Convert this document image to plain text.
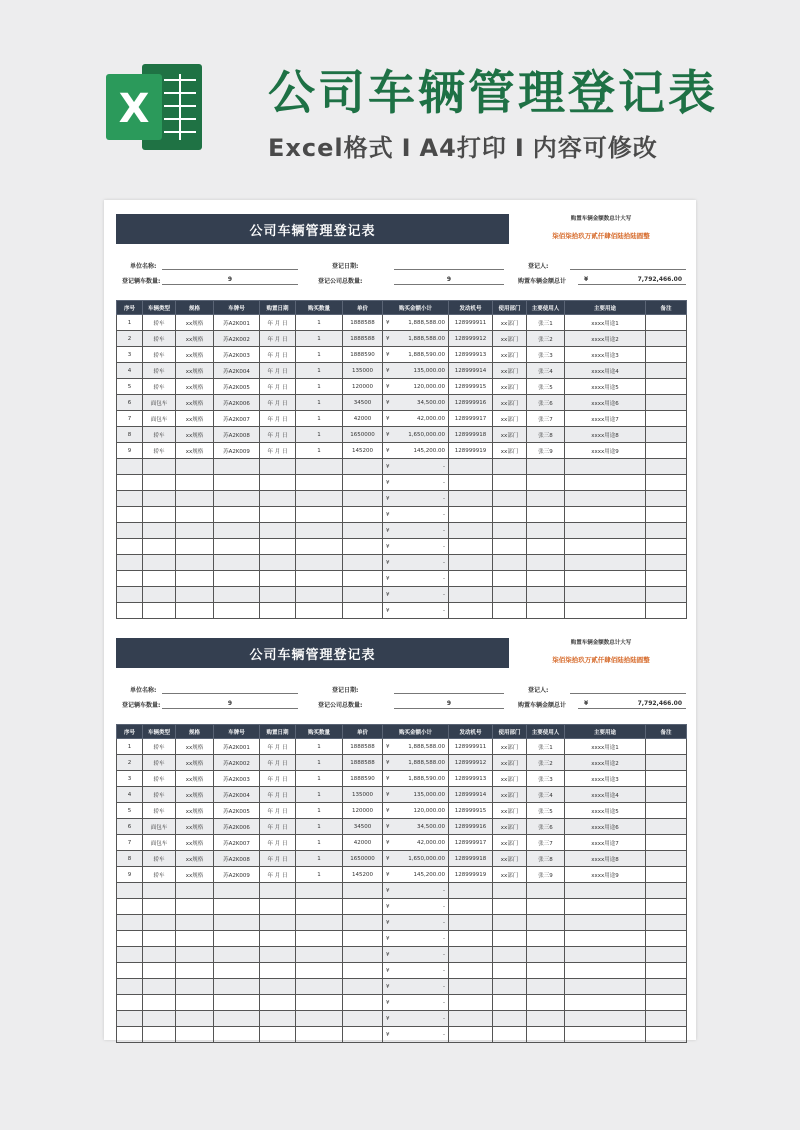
X	公司车辆管理登记表
Excel格式 I A4打印 I 内容可修改
公司车辆管理登记表
购置车辆金额数总计大写
柒佰柒拾玖万贰仟肆佰陆拾陆圆整
单位名称:	登记日期:	登记人:
登记辆车数量:	9	登记公司总数量:	9	购置车辆金额总计	¥	7,792,466.00
序号	车辆类型	规格	车牌号	购置日期	购买数量	单价	购买金额小计	发动机号	使用部门	主要使用人	主要用途	备注
1	轿车	xx规格	苏A2K001	年 月 日	1	1888588	¥ 1,888,588.00	128999911	xx部门	张三1	xxxx用途1	
2	轿车	xx规格	苏A2K002	年 月 日	1	1888588	¥ 1,888,588.00	128999912	xx部门	张三2	xxxx用途2	
3	轿车	xx规格	苏A2K003	年 月 日	1	1888590	¥ 1,888,590.00	128999913	xx部门	张三3	xxxx用途3	
4	轿车	xx规格	苏A2K004	年 月 日	1	135000	¥ 135,000.00	128999914	xx部门	张三4	xxxx用途4	
5	轿车	xx规格	苏A2K005	年 月 日	1	120000	¥ 120,000.00	128999915	xx部门	张三5	xxxx用途5	
6	面包车	xx规格	苏A2K006	年 月 日	1	34500	¥ 34,500.00	128999916	xx部门	张三6	xxxx用途6	
7	面包车	xx规格	苏A2K007	年 月 日	1	42000	¥ 42,000.00	128999917	xx部门	张三7	xxxx用途7	
8	轿车	xx规格	苏A2K008	年 月 日	1	1650000	¥ 1,650,000.00	128999918	xx部门	张三8	xxxx用途8	
9	轿车	xx规格	苏A2K009	年 月 日	1	145200	¥ 145,200.00	128999919	xx部门	张三9	xxxx用途9	

							¥ -					

							¥ -					

							¥ -					

							¥ -					

							¥ -					

							¥ -					

							¥ -					

							¥ -					

							¥ -					

							¥ -					

公司车辆管理登记表
购置车辆金额数总计大写
柒佰柒拾玖万贰仟肆佰陆拾陆圆整
单位名称:	登记日期:	登记人:
登记辆车数量:	9	登记公司总数量:	9	购置车辆金额总计	¥	7,792,466.00
序号	车辆类型	规格	车牌号	购置日期	购买数量	单价	购买金额小计	发动机号	使用部门	主要使用人	主要用途	备注
1	轿车	xx规格	苏A2K001	年 月 日	1	1888588	¥ 1,888,588.00	128999911	xx部门	张三1	xxxx用途1	
2	轿车	xx规格	苏A2K002	年 月 日	1	1888588	¥ 1,888,588.00	128999912	xx部门	张三2	xxxx用途2	
3	轿车	xx规格	苏A2K003	年 月 日	1	1888590	¥ 1,888,590.00	128999913	xx部门	张三3	xxxx用途3	
4	轿车	xx规格	苏A2K004	年 月 日	1	135000	¥ 135,000.00	128999914	xx部门	张三4	xxxx用途4	
5	轿车	xx规格	苏A2K005	年 月 日	1	120000	¥ 120,000.00	128999915	xx部门	张三5	xxxx用途5	
6	面包车	xx规格	苏A2K006	年 月 日	1	34500	¥ 34,500.00	128999916	xx部门	张三6	xxxx用途6	
7	面包车	xx规格	苏A2K007	年 月 日	1	42000	¥ 42,000.00	128999917	xx部门	张三7	xxxx用途7	
8	轿车	xx规格	苏A2K008	年 月 日	1	1650000	¥ 1,650,000.00	128999918	xx部门	张三8	xxxx用途8	
9	轿车	xx规格	苏A2K009	年 月 日	1	145200	¥ 145,200.00	128999919	xx部门	张三9	xxxx用途9	

							¥ -					

							¥ -					

							¥ -					

							¥ -					

							¥ -					

							¥ -					

							¥ -					

							¥ -					

							¥ -					

							¥ -					
